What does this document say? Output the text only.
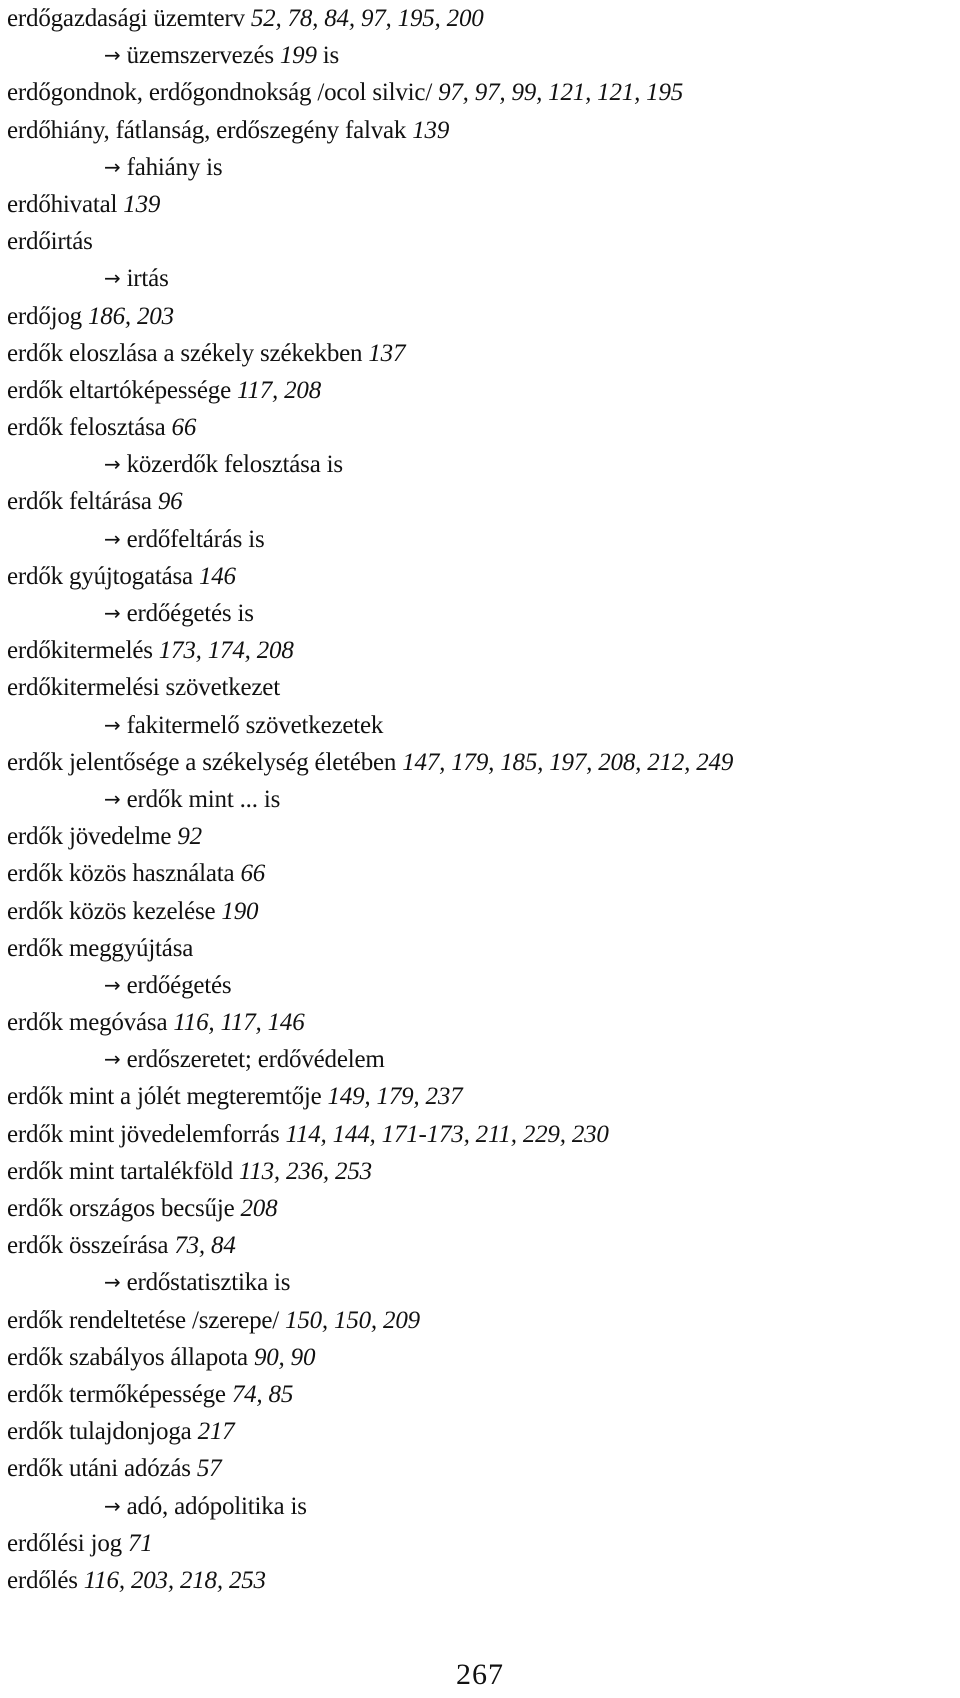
erdőgazdasági üzemterv 52, 78, 84, 97, 195, 200
→ üzemszervezés 199 is
erdőgondnok, erdőgondnokság /ocol silvic/ 97, 97, 99, 121, 121, 195
erdőhiány, fátlanság, erdőszegény falvak 139
→ fahiány is
erdőhivatal 139
erdőirtás
→ irtás
erdőjog 186, 203
erdők eloszlása a székely székekben 137
erdők eltartóképessége 117, 208
erdők felosztása 66
→ közerdők felosztása is
erdők feltárása 96
→ erdőfeltárás is
erdők gyújtogatása 146
→ erdőégetés is
erdőkitermelés 173, 174, 208
erdőkitermelési szövetkezet
→ fakitermelő szövetkezetek
erdők jelentősége a székelység életében 147, 179, 185, 197, 208, 212, 249
→ erdők mint ... is
erdők jövedelme 92
erdők közös használata 66
erdők közös kezelése 190
erdők meggyújtása
→ erdőégetés
erdők megóvása 116, 117, 146
→ erdőszeretet; erdővédelem
erdők mint a jólét megteremtője 149, 179, 237
erdők mint jövedelemforrás 114, 144, 171-173, 211, 229, 230
erdők mint tartalékföld 113, 236, 253
erdők országos becsűje 208
erdők összeírása 73, 84
→ erdőstatisztika is
erdők rendeltetése /szerepe/ 150, 150, 209
erdők szabályos állapota 90, 90
erdők termőképessége 74, 85
erdők tulajdonjoga 217
erdők utáni adózás 57
→ adó, adópolitika is
erdőlési jog 71
erdőlés 116, 203, 218, 253
267
